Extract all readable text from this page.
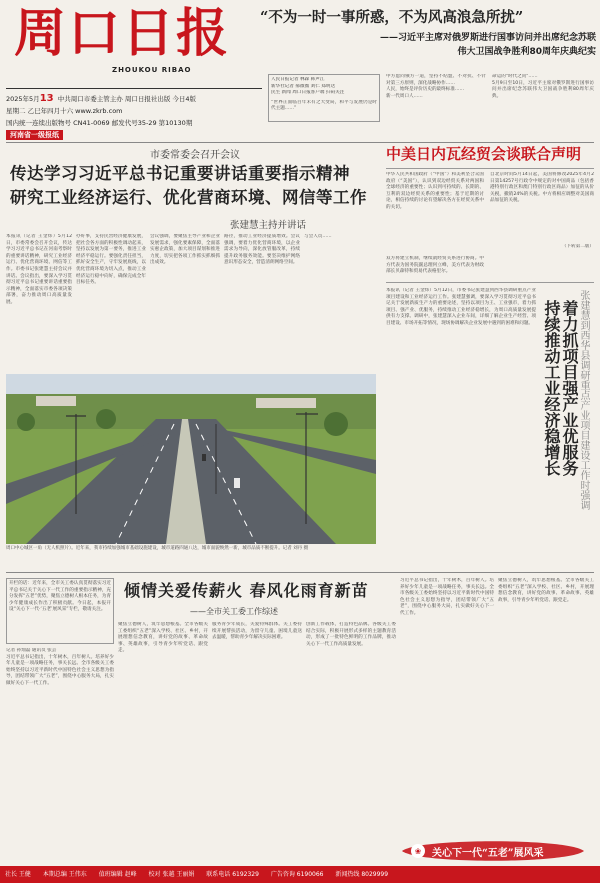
周口日报
ZHOUKOU RIBAO
“不为一时一事所惑，不为风高浪急所扰”
——习近平主席对俄罗斯进行国事访问并出席纪念苏联
伟大卫国战争胜利80周年庆典纪实
2025年5月13 中共周口市委主管主办 周口日报社出版 今日4版
星期二 乙巳年四月十六 www.zkrb.com
国内统一连续出版物号 CN41-0069 邮发代号35-29 第10130期
河南省一级报纸
人民日报记者 林森 韩声江
新华社记者 郝薇薇 刘仁 郑明达
民生 新闻 周口日报客户端 扫码关注
“世界正面临百年未有之大变局，和平与发展仍是时代主题……”
中方愿同俄方一道，坚持不结盟、不对抗、不针对第三方原则，深化战略协作……
人民，始终是评价历史的最终标准……
新一代周口人……
命运的"时代之问"……
5月9日至10日，习近平主席对俄罗斯进行国事访问并出席纪念苏联伟大卫国战争胜利80周年庆典。
市委常委会召开会议
传达学习习近平总书记重要讲话重要指示精神
研究工业经济运行、优化营商环境、网信等工作
张建慧主持并讲话
本报讯（记者 王金炜）5月12日，市委常委会召开会议，传达学习习近平总书记在河南考察时的重要讲话精神，研究工业经济运行、优化营商环境、网信等工作。市委书记张建慧主持会议并讲话。会议指出，要深入学习贯彻习近平总书记重要讲话重要指示精神，全面落实市委各项决策部署，奋力推动周口高质量发展。
办好事，支持民营经济健康发展，把社会各方面的积极性调动起来，坚持以发展为第一要务，推进工业经济平稳运行。要强化责任担当，抓好安全生产，守牢发展底线，以优化营商环境为切入点，推动工业经济运行稳中向好，确保完成全年目标任务。
会议强调，要聚焦主导产业和企业发展需求，强化要素保障，全面落实惠企政策，加大项目谋划和推进力度，切实把各项工作抓实抓细抓出成效。
路径，推动工业经济提质增效。会议强调，要着力优化营商环境，以企业需求为导向，深化放管服改革，持续提升政务服务效能。要坚决维护网络意识形态安全，营造清朗网络空间。
与会人员……
周口中心城区一角（无人机照片）。近年来，我市持续加强城市基础设施建设，城市道路四通八达，城市面貌焕然一新，城市品质不断提升。记者 刘丹 摄
中美日内瓦经贸会谈联合声明
中华人民共和国政府（“中国”）和美利坚合众国政府（“美国”），认识到双边经贸关系对两国和全球经济的重要性；认识到可持续的、长期的、互利的双边经贸关系的重要性；基于近期的讨论，相信持续的讨论有望解决各方在经贸关系中的关切。
自北京时间5月14日起，美国将修改2025年4月2日第14257号行政令中规定的对中国商品（包括香港特别行政区和澳门特别行政区商品）加征的从价关税，撤销24%的关税。中方将相应调整对美国商品加征的关税。
双方将建立机制，继续就经贸关系进行协商。中方代表为国务院副总理何立峰，美方代表为财政部长贝森特和贸易代表格里尔。
（下转第二版）
本报讯（记者 王金炜）5月12日，市委书记张建慧到西华县调研重点产业项目建设和工业经济运行工作。张建慧强调，要深入学习贯彻习近平总书记关于发展新质生产力的重要论述，坚持以项目为王、工业强市，着力抓项目、强产业、优服务，持续推动工业经济稳增长，为周口高质量发展提供有力支撑。调研中，张建慧深入企业车间，详细了解企业生产经营、项目建设、市场开拓等情况，现场协调解决企业发展中遇到的困难和问题。	张建慧到西华县调研重点产业项目建设工作时强调
持续推动工业经济稳增长 着力抓项目强产业优服务
开栏的话：近年来，全市关工委认真贯彻落实习近平总书记关于关心下一代工作的重要指示精神，充分发挥“五老”优势，聚焦立德树人根本任务，为青少年健康成长作出了积极贡献。今日起，本报开设“关心下一代·‘五老’展风采”专栏，敬请关注。
倾情关爱传薪火 春风化雨育新苗
——全市关工委工作综述
记者 孙灿磊 通讯员 张芸
习近平总书记指出，十年树木，百年树人。培养好少年儿童是一项战略任务，事关长远。全市各级关工委始终坚持以习近平新时代中国特色社会主义思想为指导，团结带领广大“五老”，围绕中心服务大局，扎实做好关心下一代工作。
聚焦立德树人，筑牢思想根基。全市各级关工委组织“五老”深入学校、社区、乡村，开展理想信念教育，讲好党的故事、革命故事、英雄故事，引导青少年听党话、跟党走。
服务青少年成长，关爱特殊群体。关工委持续开展帮扶活动，为留守儿童、困境儿童送去温暖，帮助青少年解决实际困难。
创新工作载体，打造特色品牌。各级关工委结合实际，积极开展形式多样的主题教育活动，形成了一批特色鲜明的工作品牌，推动关心下一代工作高质量发展。
习近平总书记指出，十年树木，百年树人。培养好少年儿童是一项战略任务，事关长远。全市各级关工委始终坚持以习近平新时代中国特色社会主义思想为指导，团结带领广大“五老”，围绕中心服务大局，扎实做好关心下一代工作。
聚焦立德树人，筑牢思想根基。全市各级关工委组织“五老”深入学校、社区、乡村，开展理想信念教育，讲好党的故事、革命故事、英雄故事，引导青少年听党话、跟党走。
❀ 关心下一代“五老”展风采
社长 王健 本期总编 王伟东 值班编辑 赵峰 校对 张越 王丽娟 联系电话 6192329 广告咨询 6190066 新闻热线 8029999
